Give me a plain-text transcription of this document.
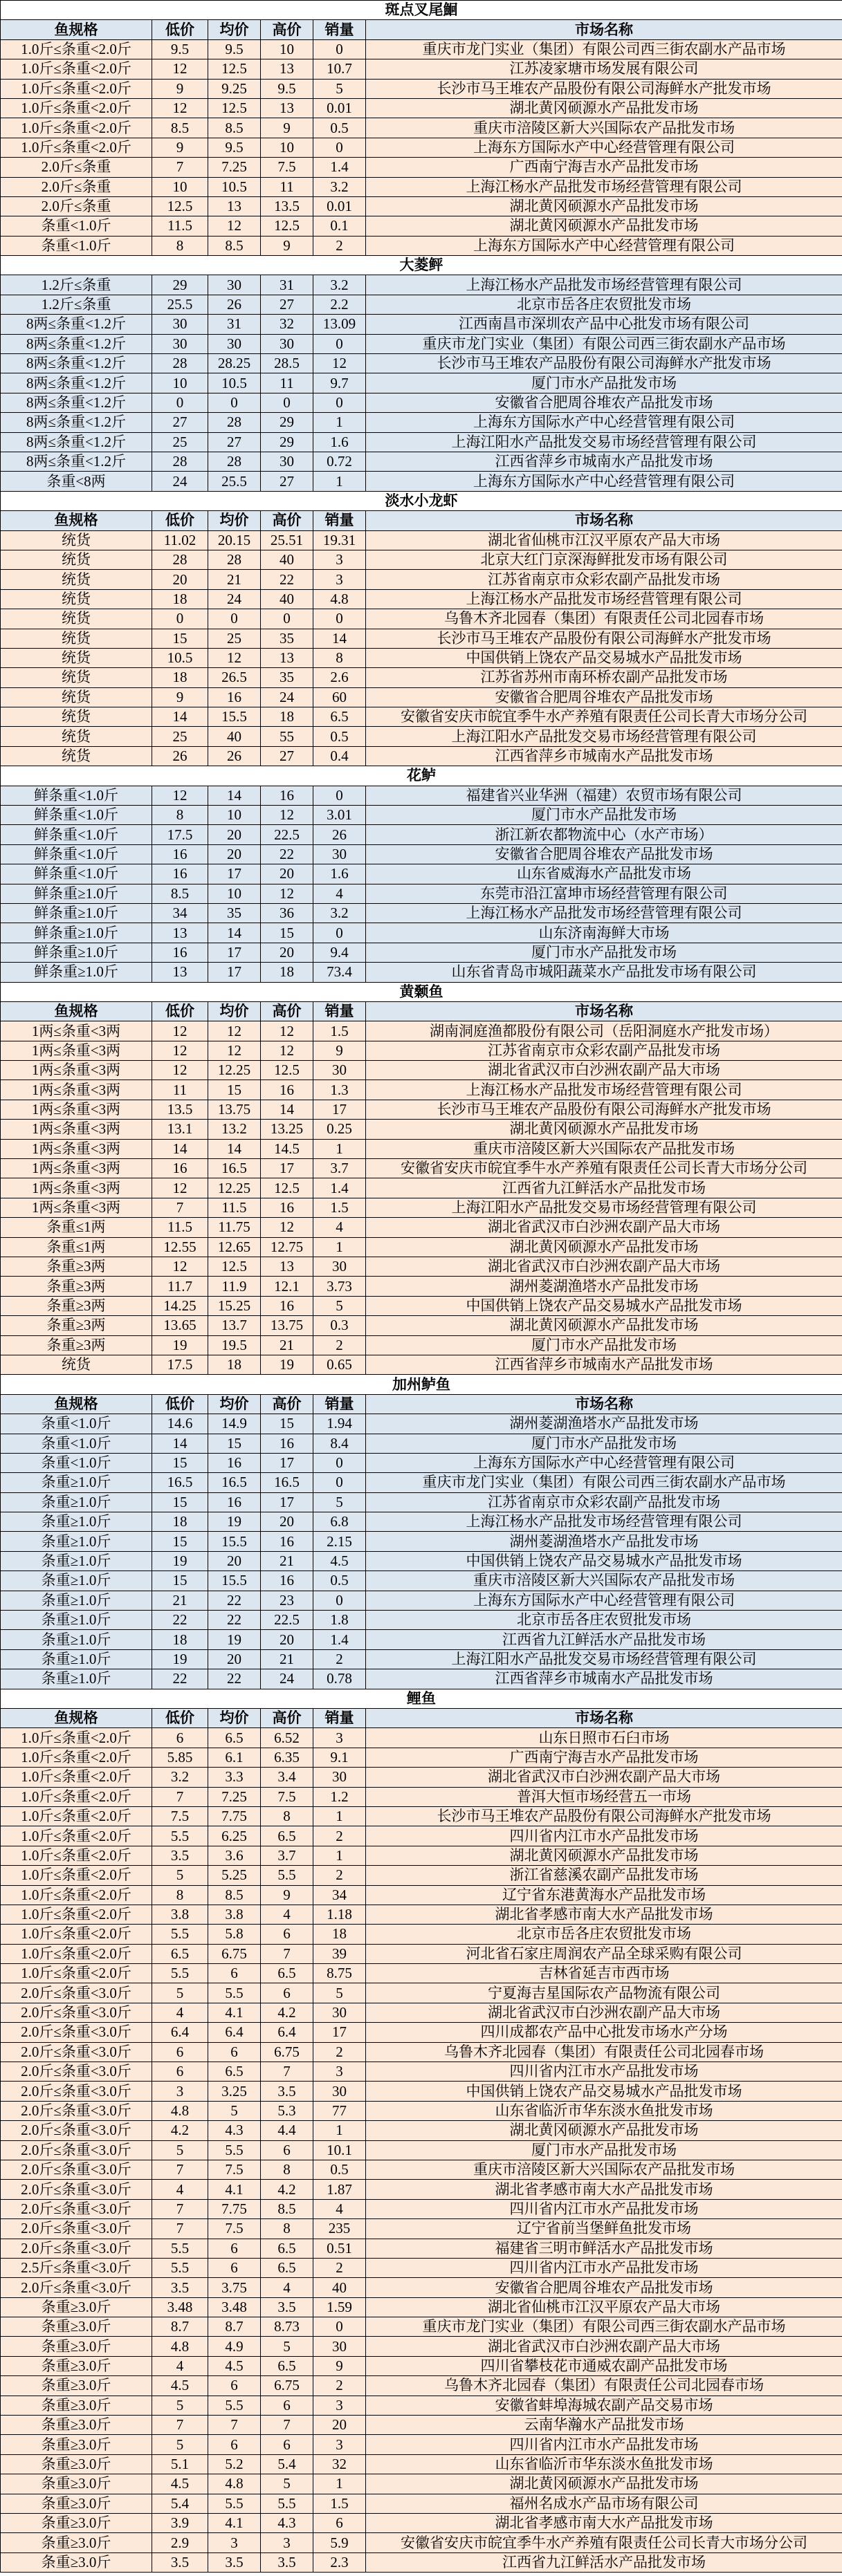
斑点叉尾鮰					
鱼规格	低价	均价	高价	销量	市场名称
1.0斤≤条重<2.0斤	9.5	9.5	10	0	重庆市龙门实业（集团）有限公司西三街农副水产品市场
1.0斤≤条重<2.0斤	12	12.5	13	10.7	江苏凌家塘市场发展有限公司
1.0斤≤条重<2.0斤	9	9.25	9.5	5	长沙市马王堆农产品股份有限公司海鲜水产批发市场
1.0斤≤条重<2.0斤	12	12.5	13	0.01	湖北黄冈硕源水产品批发市场
1.0斤≤条重<2.0斤	8.5	8.5	9	0.5	重庆市涪陵区新大兴国际农产品批发市场
1.0斤≤条重<2.0斤	9	9.5	10	0	上海东方国际水产中心经营管理有限公司
2.0斤≤条重	7	7.25	7.5	1.4	广西南宁海吉水产品批发市场
2.0斤≤条重	10	10.5	11	3.2	上海江杨水产品批发市场经营管理有限公司
2.0斤≤条重	12.5	13	13.5	0.01	湖北黄冈硕源水产品批发市场
条重<1.0斤	11.5	12	12.5	0.1	湖北黄冈硕源水产品批发市场
条重<1.0斤	8	8.5	9	2	上海东方国际水产中心经营管理有限公司
大菱鲆					
1.2斤≤条重	29	30	31	3.2	上海江杨水产品批发市场经营管理有限公司
1.2斤≤条重	25.5	26	27	2.2	北京市岳各庄农贸批发市场
8两≤条重<1.2斤	30	31	32	13.09	江西南昌市深圳农产品中心批发市场有限公司
8两≤条重<1.2斤	30	30	30	0	重庆市龙门实业（集团）有限公司西三街农副水产品市场
8两≤条重<1.2斤	28	28.25	28.5	12	长沙市马王堆农产品股份有限公司海鲜水产批发市场
8两≤条重<1.2斤	10	10.5	11	9.7	厦门市水产品批发市场
8两≤条重<1.2斤	0	0	0	0	安徽省合肥周谷堆农产品批发市场
8两≤条重<1.2斤	27	28	29	1	上海东方国际水产中心经营管理有限公司
8两≤条重<1.2斤	25	27	29	1.6	上海江阳水产品批发交易市场经营管理有限公司
8两≤条重<1.2斤	28	28	30	0.72	江西省萍乡市城南水产品批发市场
条重<8两	24	25.5	27	1	上海东方国际水产中心经营管理有限公司
淡水小龙虾					
鱼规格	低价	均价	高价	销量	市场名称
统货	11.02	20.15	25.51	19.31	湖北省仙桃市江汉平原农产品大市场
统货	28	28	40	3	北京大红门京深海鲜批发市场有限公司
统货	20	21	22	3	江苏省南京市众彩农副产品批发市场
统货	18	24	40	4.8	上海江杨水产品批发市场经营管理有限公司
统货	0	0	0	0	乌鲁木齐北园春（集团）有限责任公司北园春市场
统货	15	25	35	14	长沙市马王堆农产品股份有限公司海鲜水产批发市场
统货	10.5	12	13	8	中国供销上饶农产品交易城水产品批发市场
统货	18	26.5	35	2.6	江苏省苏州市南环桥农副产品批发市场
统货	9	16	24	60	安徽省合肥周谷堆农产品批发市场
统货	14	15.5	18	6.5	安徽省安庆市皖宜季牛水产养殖有限责任公司长青大市场分公司
统货	25	40	55	0.5	上海江阳水产品批发交易市场经营管理有限公司
统货	26	26	27	0.4	江西省萍乡市城南水产品批发市场
花鲈					
鲜条重<1.0斤	12	14	16	0	福建省兴业华洲（福建）农贸市场有限公司
鲜条重<1.0斤	8	10	12	3.01	厦门市水产品批发市场
鲜条重<1.0斤	17.5	20	22.5	26	浙江新农都物流中心（水产市场）
鲜条重<1.0斤	16	20	22	30	安徽省合肥周谷堆农产品批发市场
鲜条重<1.0斤	16	17	20	1.6	山东省威海水产品批发市场
鲜条重≥1.0斤	8.5	10	12	4	东莞市沿江富坤市场经营管理有限公司
鲜条重≥1.0斤	34	35	36	3.2	上海江杨水产品批发市场经营管理有限公司
鲜条重≥1.0斤	13	14	15	0	山东济南海鲜大市场
鲜条重≥1.0斤	16	17	20	9.4	厦门市水产品批发市场
鲜条重≥1.0斤	13	17	18	73.4	山东省青岛市城阳蔬菜水产品批发市场有限公司
黄颡鱼					
鱼规格	低价	均价	高价	销量	市场名称
1两≤条重<3两	12	12	12	1.5	湖南洞庭渔都股份有限公司（岳阳洞庭水产批发市场）
1两≤条重<3两	12	12	12	9	江苏省南京市众彩农副产品批发市场
1两≤条重<3两	12	12.25	12.5	30	湖北省武汉市白沙洲农副产品大市场
1两≤条重<3两	11	15	16	1.3	上海江杨水产品批发市场经营管理有限公司
1两≤条重<3两	13.5	13.75	14	17	长沙市马王堆农产品股份有限公司海鲜水产批发市场
1两≤条重<3两	13.1	13.2	13.25	0.25	湖北黄冈硕源水产品批发市场
1两≤条重<3两	14	14	14.5	1	重庆市涪陵区新大兴国际农产品批发市场
1两≤条重<3两	16	16.5	17	3.7	安徽省安庆市皖宜季牛水产养殖有限责任公司长青大市场分公司
1两≤条重<3两	12	12.25	12.5	1.4	江西省九江鲜活水产品批发市场
1两≤条重<3两	7	11.5	16	1.5	上海江阳水产品批发交易市场经营管理有限公司
条重≤1两	11.5	11.75	12	4	湖北省武汉市白沙洲农副产品大市场
条重≤1两	12.55	12.65	12.75	1	湖北黄冈硕源水产品批发市场
条重≥3两	12	12.5	13	30	湖北省武汉市白沙洲农副产品大市场
条重≥3两	11.7	11.9	12.1	3.73	湖州菱湖渔塔水产品批发市场
条重≥3两	14.25	15.25	16	5	中国供销上饶农产品交易城水产品批发市场
条重≥3两	13.65	13.7	13.75	0.3	湖北黄冈硕源水产品批发市场
条重≥3两	19	19.5	21	2	厦门市水产品批发市场
统货	17.5	18	19	0.65	江西省萍乡市城南水产品批发市场
加州鲈鱼					
鱼规格	低价	均价	高价	销量	市场名称
条重<1.0斤	14.6	14.9	15	1.94	湖州菱湖渔塔水产品批发市场
条重<1.0斤	14	15	16	8.4	厦门市水产品批发市场
条重<1.0斤	15	16	17	0	上海东方国际水产中心经营管理有限公司
条重≥1.0斤	16.5	16.5	16.5	0	重庆市龙门实业（集团）有限公司西三街农副水产品市场
条重≥1.0斤	15	16	17	5	江苏省南京市众彩农副产品批发市场
条重≥1.0斤	18	19	20	6.8	上海江杨水产品批发市场经营管理有限公司
条重≥1.0斤	15	15.5	16	2.15	湖州菱湖渔塔水产品批发市场
条重≥1.0斤	19	20	21	4.5	中国供销上饶农产品交易城水产品批发市场
条重≥1.0斤	15	15.5	16	0.5	重庆市涪陵区新大兴国际农产品批发市场
条重≥1.0斤	21	22	23	0	上海东方国际水产中心经营管理有限公司
条重≥1.0斤	22	22	22.5	1.8	北京市岳各庄农贸批发市场
条重≥1.0斤	18	19	20	1.4	江西省九江鲜活水产品批发市场
条重≥1.0斤	19	20	21	2	上海江阳水产品批发交易市场经营管理有限公司
条重≥1.0斤	22	22	24	0.78	江西省萍乡市城南水产品批发市场
鲤鱼					
鱼规格	低价	均价	高价	销量	市场名称
1.0斤≤条重<2.0斤	6	6.5	6.52	3	山东日照市石臼市场
1.0斤≤条重<2.0斤	5.85	6.1	6.35	9.1	广西南宁海吉水产品批发市场
1.0斤≤条重<2.0斤	3.2	3.3	3.4	30	湖北省武汉市白沙洲农副产品大市场
1.0斤≤条重<2.0斤	7	7.25	7.5	1.2	普洱大恒市场经营五一市场
1.0斤≤条重<2.0斤	7.5	7.75	8	1	长沙市马王堆农产品股份有限公司海鲜水产批发市场
1.0斤≤条重<2.0斤	5.5	6.25	6.5	2	四川省内江市水产品批发市场
1.0斤≤条重<2.0斤	3.5	3.6	3.7	1	湖北黄冈硕源水产品批发市场
1.0斤≤条重<2.0斤	5	5.25	5.5	2	浙江省慈溪农副产品批发市场
1.0斤≤条重<2.0斤	8	8.5	9	34	辽宁省东港黄海水产品批发市场
1.0斤≤条重<2.0斤	3.8	3.8	4	1.18	湖北省孝感市南大水产品批发市场
1.0斤≤条重<2.0斤	5.5	5.8	6	18	北京市岳各庄农贸批发市场
1.0斤≤条重<2.0斤	6.5	6.75	7	39	河北省石家庄周润农产品全球采购有限公司
1.0斤≤条重<2.0斤	5.5	6	6.5	8.75	吉林省延吉市西市场
2.0斤≤条重<3.0斤	5	5.5	6	5	宁夏海吉星国际农产品物流有限公司
2.0斤≤条重<3.0斤	4	4.1	4.2	30	湖北省武汉市白沙洲农副产品大市场
2.0斤≤条重<3.0斤	6.4	6.4	6.4	17	四川成都农产品中心批发市场水产分场
2.0斤≤条重<3.0斤	6	6	6.75	2	乌鲁木齐北园春（集团）有限责任公司北园春市场
2.0斤≤条重<3.0斤	6	6.5	7	3	四川省内江市水产品批发市场
2.0斤≤条重<3.0斤	3	3.25	3.5	30	中国供销上饶农产品交易城水产品批发市场
2.0斤≤条重<3.0斤	4.8	5	5.3	77	山东省临沂市华东淡水鱼批发市场
2.0斤≤条重<3.0斤	4.2	4.3	4.4	1	湖北黄冈硕源水产品批发市场
2.0斤≤条重<3.0斤	5	5.5	6	10.1	厦门市水产品批发市场
2.0斤≤条重<3.0斤	7	7.5	8	0.5	重庆市涪陵区新大兴国际农产品批发市场
2.0斤≤条重<3.0斤	4	4.1	4.2	1.87	湖北省孝感市南大水产品批发市场
2.0斤≤条重<3.0斤	7	7.75	8.5	4	四川省内江市水产品批发市场
2.0斤≤条重<3.0斤	7	7.5	8	235	辽宁省前当堡鲜鱼批发市场
2.0斤≤条重<3.0斤	5.5	6	6.5	0.51	福建省三明市鲜活水产品批发市场
2.5斤≤条重<3.0斤	5.5	6	6.5	2	四川省内江市水产品批发市场
2.0斤≤条重<3.0斤	3.5	3.75	4	40	安徽省合肥周谷堆农产品批发市场
条重≥3.0斤	3.48	3.48	3.5	1.59	湖北省仙桃市江汉平原农产品大市场
条重≥3.0斤	8.7	8.7	8.73	0	重庆市龙门实业（集团）有限公司西三街农副水产品市场
条重≥3.0斤	4.8	4.9	5	30	湖北省武汉市白沙洲农副产品大市场
条重≥3.0斤	4	4.5	6.5	9	四川省攀枝花市通威农副产品批发市场
条重≥3.0斤	4.5	6	6.75	2	乌鲁木齐北园春（集团）有限责任公司北园春市场
条重≥3.0斤	5	5.5	6	3	安徽省蚌埠海城农副产品交易市场
条重≥3.0斤	7	7	7	20	云南华瀚水产品批发市场
条重≥3.0斤	5	6	6	3	四川省内江市水产品批发市场
条重≥3.0斤	5.1	5.2	5.4	32	山东省临沂市华东淡水鱼批发市场
条重≥3.0斤	4.5	4.8	5	1	湖北黄冈硕源水产品批发市场
条重≥3.0斤	5.4	5.5	5.5	1.5	福州名成水产品市场有限公司
条重≥3.0斤	3.9	4.1	4.3	6	湖北省孝感市南大水产品批发市场
条重≥3.0斤	2.9	3	3	5.9	安徽省安庆市皖宜季牛水产养殖有限责任公司长青大市场分公司
条重≥3.0斤	3.5	3.5	3.5	2.3	江西省九江鲜活水产品批发市场
